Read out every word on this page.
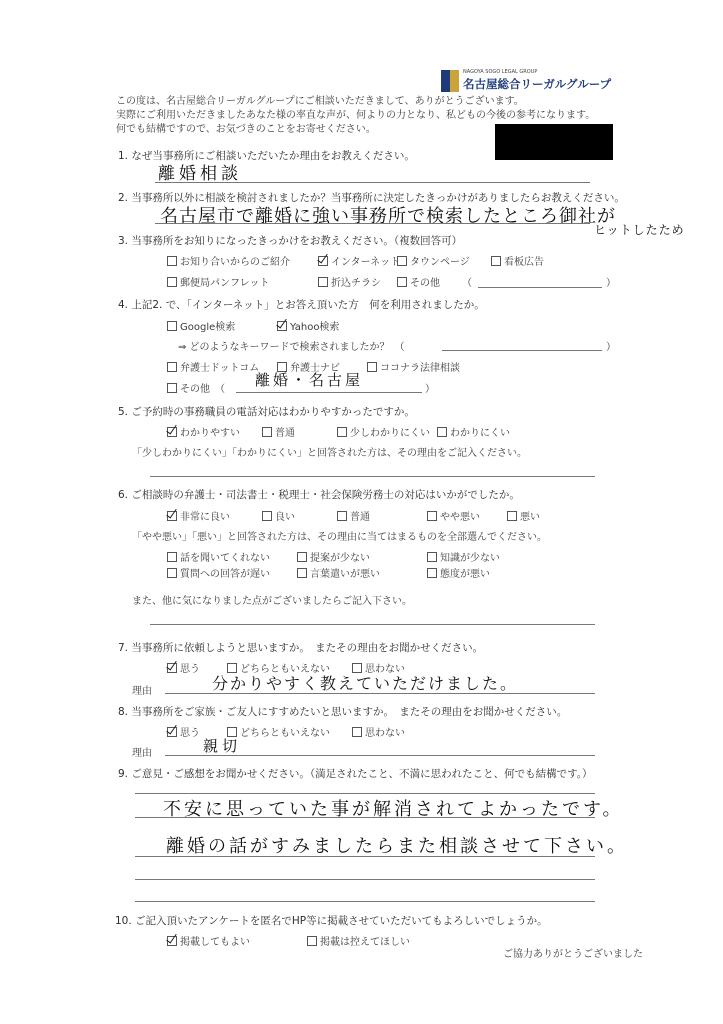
NAGOYA SOGO LEGAL GROUP
名古屋総合リーガルグループ
この度は、名古屋総合リーガルグループにご相談いただきまして、ありがとうございます。
実際にご利用いただきましたあなた様の率直な声が、何よりの力となり、私どもの今後の参考になります。
何でも結構ですので、お気づきのことをお寄せください。
1. なぜ当事務所にご相談いただいたか理由をお教えください。
離婚相談
2. 当事務所以外に相談を検討されましたか？当事務所に決定したきっかけがありましたらお教えください。
名古屋市で離婚に強い事務所で検索したところ御社が
ヒットしたため
3. 当事務所をお知りになったきっかけをお教えください。（複数回答可）
お知り合いからのご紹介	インターネット タウンページ	看板広告
郵便局パンフレット	折込チラシ	その他 （	）
4. 上記2. で、「インターネット」とお答え頂いた方　何を利用されましたか。
Google検索	Yahoo検索
⇒ どのようなキーワードで検索されましたか？　（	）
弁護士ドットコム	弁護士ナビ	ココナラ法律相談
その他　（
離婚・名古屋
）
5. ご予約時の事務職員の電話対応はわかりやすかったですか。
わかりやすい	普通	少しわかりにくい	わかりにくい
「少しわかりにくい」「わかりにくい」と回答された方は、その理由をご記入ください。
6. ご相談時の弁護士・司法書士・税理士・社会保険労務士の対応はいかがでしたか。
非常に良い	良い	普通	やや悪い	悪い
「やや悪い」「悪い」と回答された方は、その理由に当てはまるものを全部選んでください。
話を聞いてくれない	提案が少ない	知識が少ない
質問への回答が遅い	言葉遣いが悪い	態度が悪い
また、他に気になりました点がございましたらご記入下さい。
7. 当事務所に依頼しようと思いますか。　またその理由をお聞かせください。
思う	どちらともいえない	思わない
理由	分かりやすく教えていただけました。
8. 当事務所をご家族・ご友人にすすめたいと思いますか。　またその理由をお聞かせください。
思う	どちらともいえない	思わない
理由	親切
9. ご意見・ご感想をお聞かせください。（満足されたこと、不満に思われたこと、何でも結構です。）
不安に思っていた事が解消されてよかったです。
離婚の話がすみましたらまた相談させて下さい。
10. ご記入頂いたアンケートを匿名でHP等に掲載させていただいてもよろしいでしょうか。
掲載してもよい	掲載は控えてほしい
ご協力ありがとうございました
